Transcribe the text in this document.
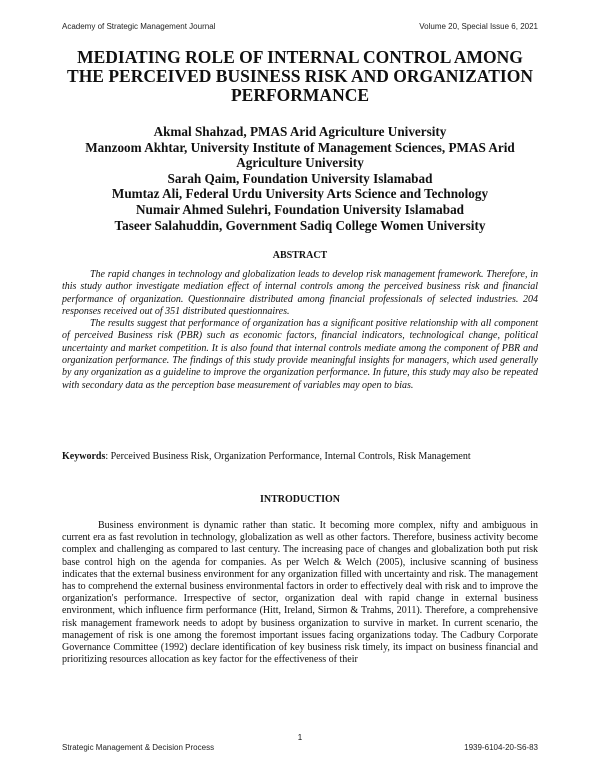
Academy of Strategic Management Journal	Volume 20, Special Issue 6, 2021
MEDIATING ROLE OF INTERNAL CONTROL AMONG THE PERCEIVED BUSINESS RISK AND ORGANIZATION PERFORMANCE
Akmal Shahzad, PMAS Arid Agriculture University
Manzoom Akhtar, University Institute of Management Sciences, PMAS Arid Agriculture University
Sarah Qaim, Foundation University Islamabad
Mumtaz Ali, Federal Urdu University Arts Science and Technology
Numair Ahmed Sulehri, Foundation University Islamabad
Taseer Salahuddin, Government Sadiq College Women University
ABSTRACT

The rapid changes in technology and globalization leads to develop risk management framework. Therefore, in this study author investigate mediation effect of internal controls among the perceived business risk and financial performance of organization. Questionnaire distributed among financial professionals of selected industries. 204 responses received out of 351 distributed questionnaires.

The results suggest that performance of organization has a significant positive relationship with all component of perceived Business risk (PBR) such as economic factors, financial indicators, technological change, political uncertainty and market competition. It is also found that internal controls mediate among the component of PBR and organization performance. The findings of this study provide meaningful insights for managers, which used generally by any organization as a guideline to improve the organization performance. In future, this study may also be repeated with secondary data as the perception base measurement of variables may open to bias.

Keywords: Perceived Business Risk, Organization Performance, Internal Controls, Risk Management
INTRODUCTION

Business environment is dynamic rather than static. It becoming more complex, nifty and ambiguous in current era as fast revolution in technology, globalization as well as other factors. Therefore, business activity become complex and challenging as compared to last century. The increasing pace of changes and globalization both put risk base control high on the agenda for companies. As per Welch & Welch (2005), inclusive scanning of business indicates that the external business environment for any organization filled with uncertainty and risk. The management has to comprehend the external business environmental factors in order to effectively deal with risk and to improve the organization's performance. Irrespective of sector, organization deal with rapid change in external business environment, which influence firm performance (Hitt, Ireland, Sirmon & Trahms, 2011). Therefore, a comprehensive risk management framework needs to adopt by business organization to survive in market. In current scenario, the management of risk is one among the foremost important issues facing organizations today. The Cadbury Corporate Governance Committee (1992) declare identification of key business risk timely, its impact on business financial and prioritizing resources allocation as key factor for the effectiveness of their

1
Strategic Management & Decision Process	1939-6104-20-S6-83
